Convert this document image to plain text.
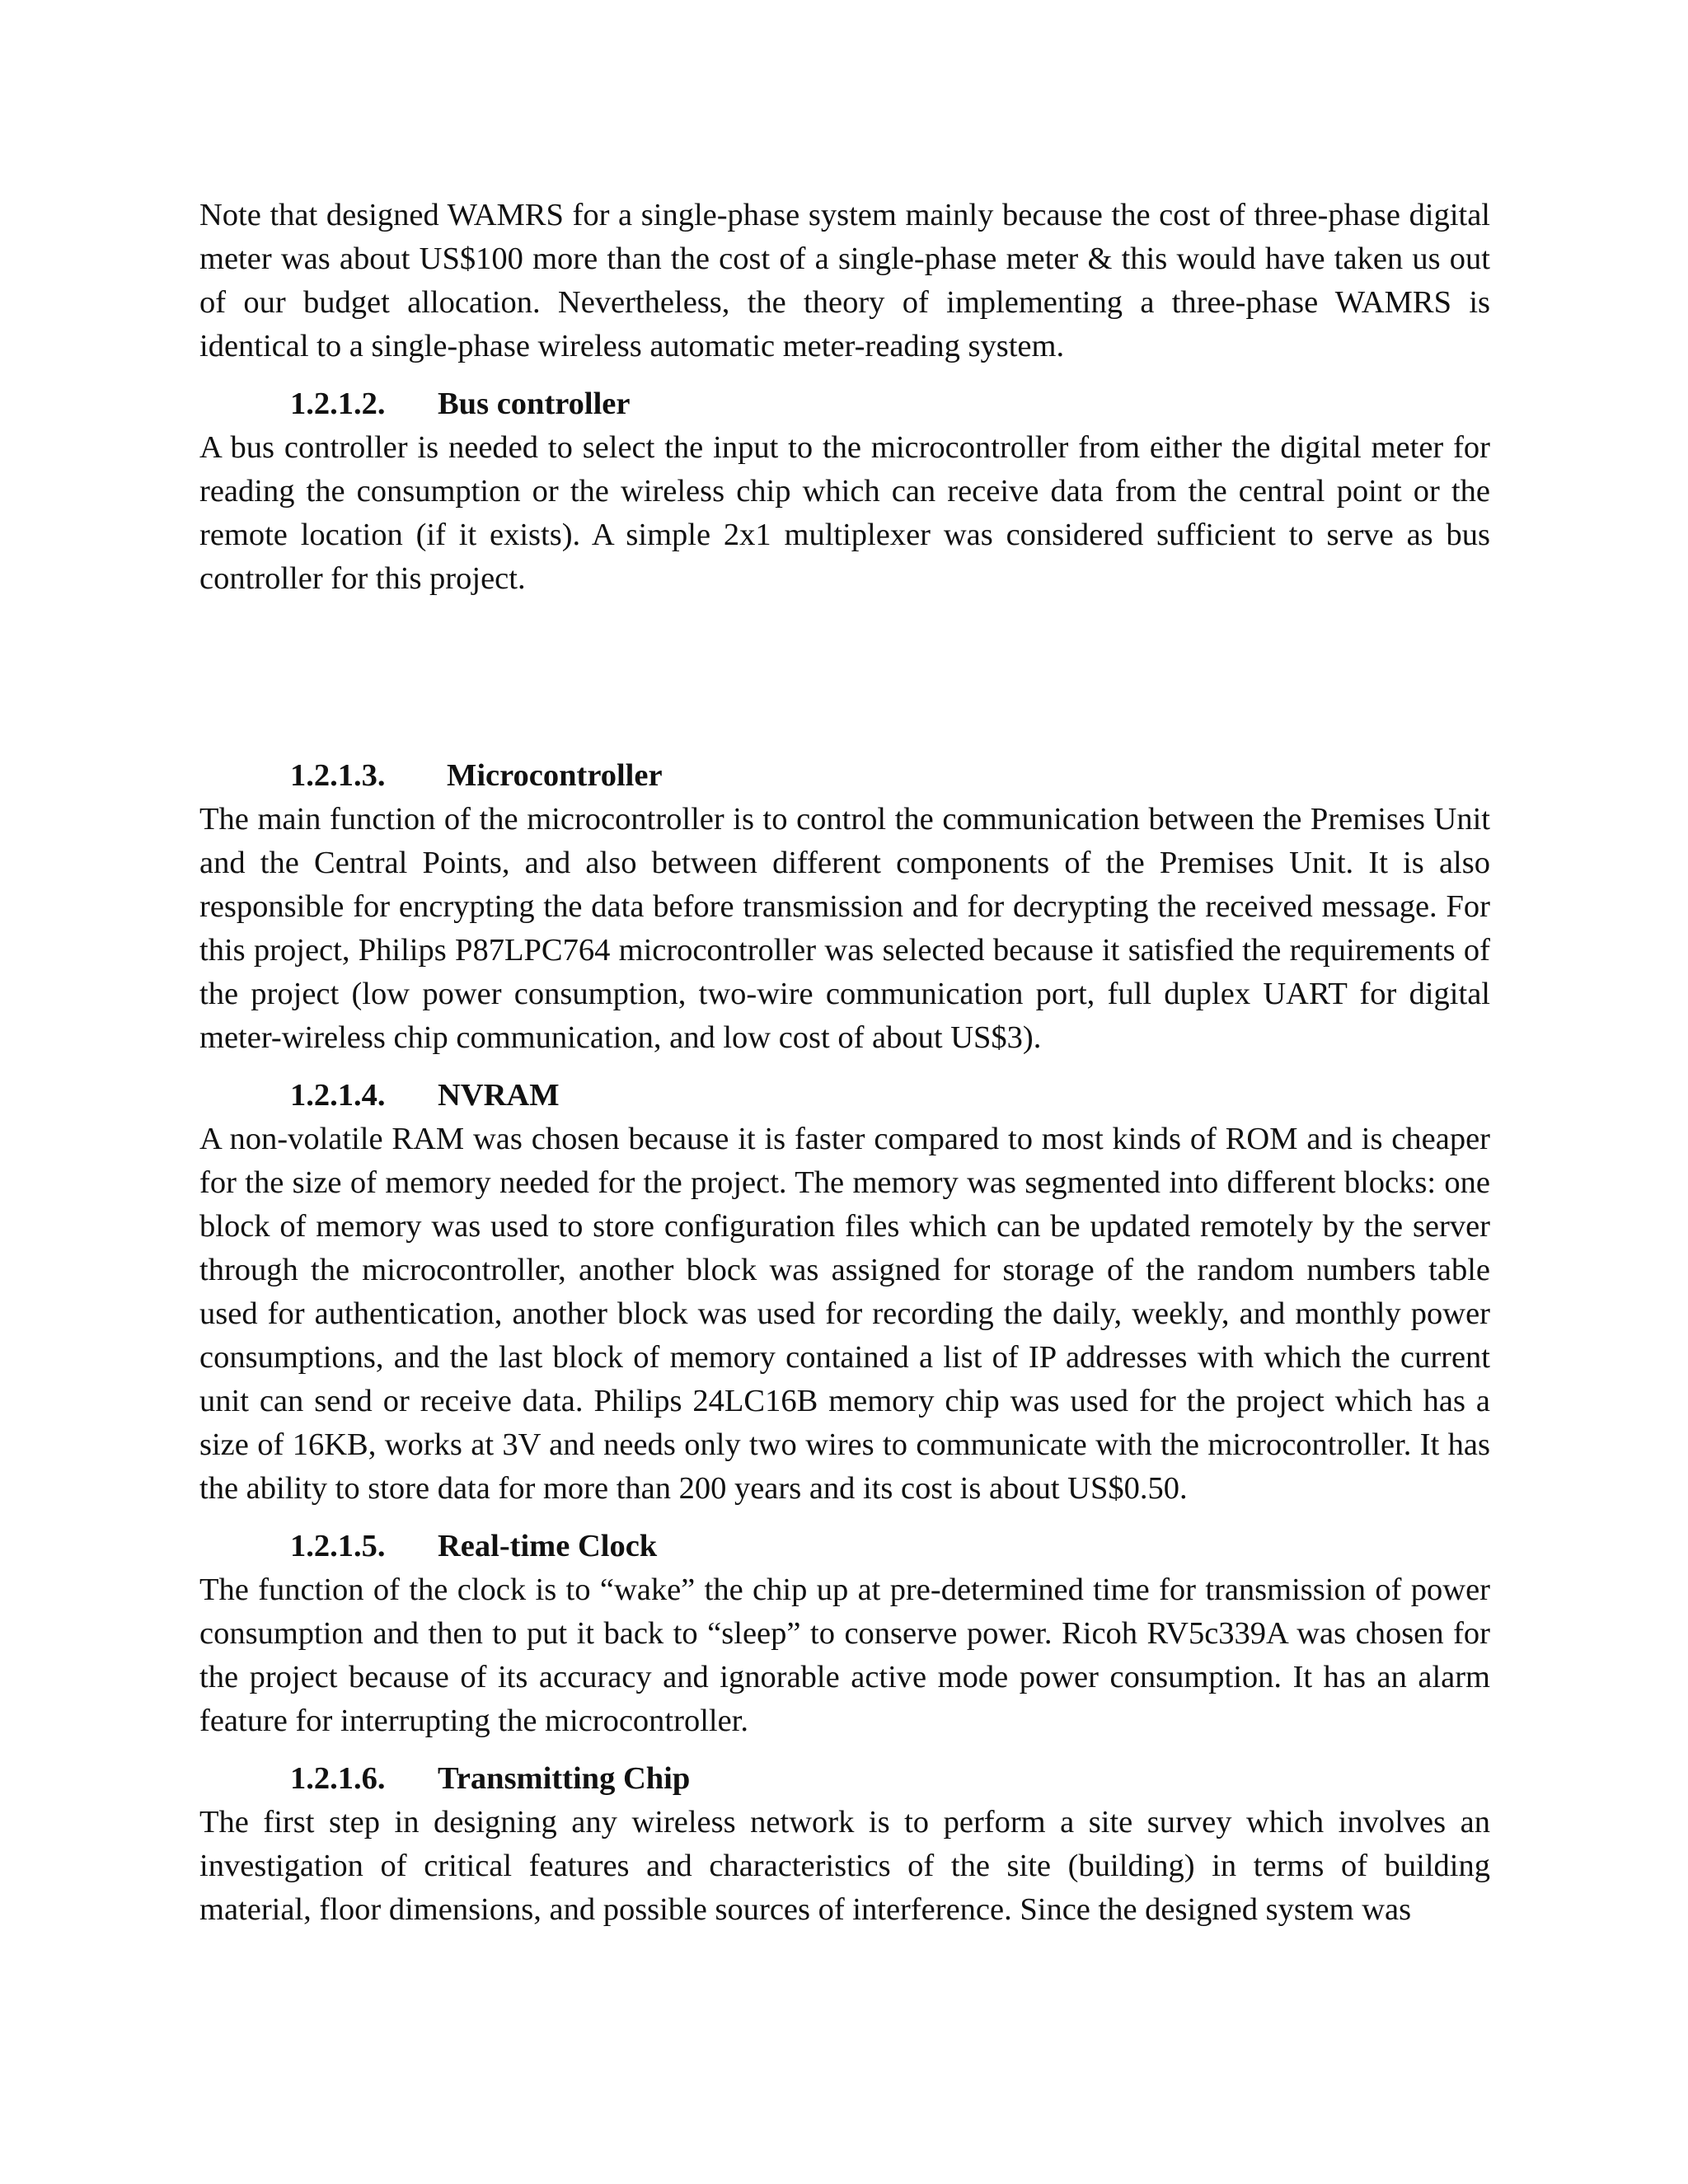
Note that designed WAMRS for a single-phase system mainly because the cost of three-phase digital meter was about US$100 more than the cost of a single-phase meter & this would have taken us out of our budget allocation. Nevertheless, the theory of implementing a three-phase WAMRS is identical to a single-phase wireless automatic meter-reading system.

1.2.1.2.	Bus controller

A bus controller is needed to select the input to the microcontroller from either the digital meter for reading the consumption or the wireless chip which can receive data from the central point or the remote location (if it exists). A simple 2x1 multiplexer was considered sufficient to serve as bus controller for this project.

1.2.1.3.	Microcontroller

The main function of the microcontroller is to control the communication between the Premises Unit and the Central Points, and also between different components of the Premises Unit. It is also responsible for encrypting the data before transmission and for decrypting the received message. For this project, Philips P87LPC764 microcontroller was selected because it satisfied the requirements of the project (low power consumption, two-wire communication port, full duplex UART for digital meter-wireless chip communication, and low cost of about US$3).

1.2.1.4.	NVRAM

A non-volatile RAM was chosen because it is faster compared to most kinds of ROM and is cheaper for the size of memory needed for the project. The memory was segmented into different blocks: one block of memory was used to store configuration files which can be updated remotely by the server through the microcontroller, another block was assigned for storage of the random numbers table used for authentication, another block was used for recording the daily, weekly, and monthly power consumptions, and the last block of memory contained a list of IP addresses with which the current unit can send or receive data. Philips 24LC16B memory chip was used for the project which has a size of 16KB, works at 3V and needs only two wires to communicate with the microcontroller. It has the ability to store data for more than 200 years and its cost is about US$0.50.

1.2.1.5.	Real-time Clock

The function of the clock is to “wake” the chip up at pre-determined time for transmission of power consumption and then to put it back to “sleep” to conserve power. Ricoh RV5c339A was chosen for the project because of its accuracy and ignorable active mode power consumption. It has an alarm feature for interrupting the microcontroller.

1.2.1.6.	Transmitting Chip

The first step in designing any wireless network is to perform a site survey which involves an investigation of critical features and characteristics of the site (building) in terms of building material, floor dimensions, and possible sources of interference. Since the designed system was
